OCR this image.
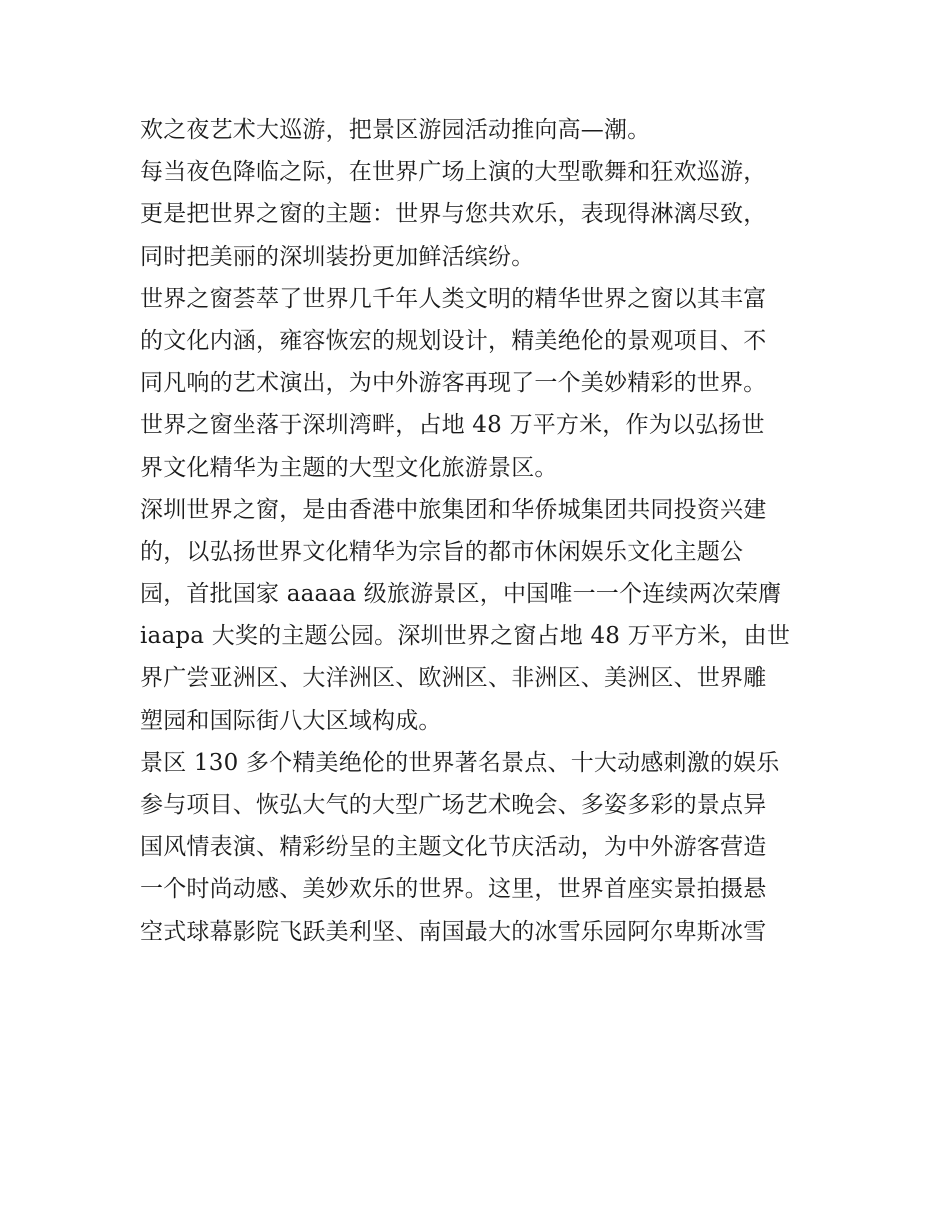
欢之夜艺术大巡游，把景区游园活动推向高—潮。
每当夜色降临之际，在世界广场上演的大型歌舞和狂欢巡游，
更是把世界之窗的主题：世界与您共欢乐，表现得淋漓尽致，
同时把美丽的深圳装扮更加鲜活缤纷。
世界之窗荟萃了世界几千年人类文明的精华世界之窗以其丰富
的文化内涵，雍容恢宏的规划设计，精美绝伦的景观项目、不
同凡响的艺术演出，为中外游客再现了一个美妙精彩的世界。
世界之窗坐落于深圳湾畔，占地 48 万平方米，作为以弘扬世
界文化精华为主题的大型文化旅游景区。
深圳世界之窗，是由香港中旅集团和华侨城集团共同投资兴建
的，以弘扬世界文化精华为宗旨的都市休闲娱乐文化主题公
园，首批国家 aaaaa 级旅游景区，中国唯一一个连续两次荣膺
iaapa 大奖的主题公园。深圳世界之窗占地 48 万平方米，由世
界广尝亚洲区、大洋洲区、欧洲区、非洲区、美洲区、世界雕
塑园和国际街八大区域构成。
景区 130 多个精美绝伦的世界著名景点、十大动感刺激的娱乐
参与项目、恢弘大气的大型广场艺术晚会、多姿多彩的景点异
国风情表演、精彩纷呈的主题文化节庆活动，为中外游客营造
一个时尚动感、美妙欢乐的世界。这里，世界首座实景拍摄悬
空式球幕影院飞跃美利坚、南国最大的冰雪乐园阿尔卑斯冰雪
